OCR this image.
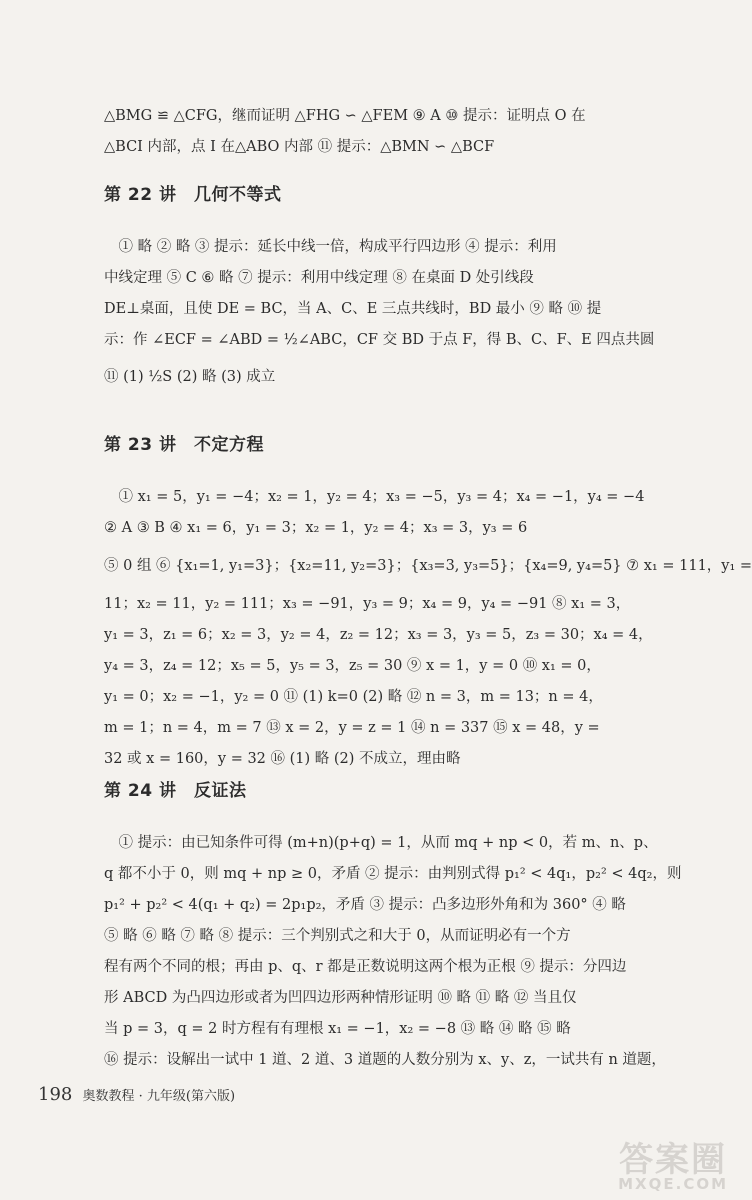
△BMG ≌ △CFG，继而证明 △FHG ∽ △FEM ⑨ A ⑩ 提示：证明点 O 在
△BCI 内部，点 I 在△ABO 内部 ⑪ 提示：△BMN ∽ △BCF
第 22 讲　几何不等式
　① 略 ② 略 ③ 提示：延长中线一倍，构成平行四边形 ④ 提示：利用
中线定理 ⑤ C ⑥ 略 ⑦ 提示：利用中线定理 ⑧ 在桌面 D 处引线段
DE⊥桌面，且使 DE = BC，当 A、C、E 三点共线时，BD 最小 ⑨ 略 ⑩ 提
示：作 ∠ECF = ∠ABD = ½∠ABC，CF 交 BD 于点 F，得 B、C、F、E 四点共圆
⑪ (1) ½S (2) 略 (3) 成立
第 23 讲　不定方程
　① x₁ = 5，y₁ = −4；x₂ = 1，y₂ = 4；x₃ = −5，y₃ = 4；x₄ = −1，y₄ = −4
② A ③ B ④ x₁ = 6，y₁ = 3；x₂ = 1，y₂ = 4；x₃ = 3，y₃ = 6
⑤ 0 组 ⑥ {x₁=1, y₁=3}；{x₂=11, y₂=3}；{x₃=3, y₃=5}；{x₄=9, y₄=5} ⑦ x₁ = 111，y₁ =
11；x₂ = 11，y₂ = 111；x₃ = −91，y₃ = 9；x₄ = 9，y₄ = −91 ⑧ x₁ = 3，
y₁ = 3，z₁ = 6；x₂ = 3，y₂ = 4，z₂ = 12；x₃ = 3，y₃ = 5，z₃ = 30；x₄ = 4，
y₄ = 3，z₄ = 12；x₅ = 5，y₅ = 3，z₅ = 30 ⑨ x = 1，y = 0 ⑩ x₁ = 0，
y₁ = 0；x₂ = −1，y₂ = 0 ⑪ (1) k=0 (2) 略 ⑫ n = 3，m = 13；n = 4，
m = 1；n = 4，m = 7 ⑬ x = 2，y = z = 1 ⑭ n = 337 ⑮ x = 48，y =
32 或 x = 160，y = 32 ⑯ (1) 略 (2) 不成立，理由略
第 24 讲　反证法
　① 提示：由已知条件可得 (m+n)(p+q) = 1，从而 mq + np < 0，若 m、n、p、
q 都不小于 0，则 mq + np ≥ 0，矛盾 ② 提示：由判别式得 p₁² < 4q₁，p₂² < 4q₂，则
p₁² + p₂² < 4(q₁ + q₂) = 2p₁p₂，矛盾 ③ 提示：凸多边形外角和为 360° ④ 略
⑤ 略 ⑥ 略 ⑦ 略 ⑧ 提示：三个判别式之和大于 0，从而证明必有一个方
程有两个不同的根；再由 p、q、r 都是正数说明这两个根为正根 ⑨ 提示：分四边
形 ABCD 为凸四边形或者为凹四边形两种情形证明 ⑩ 略 ⑪ 略 ⑫ 当且仅
当 p = 3，q = 2 时方程有有理根 x₁ = −1，x₂ = −8 ⑬ 略 ⑭ 略 ⑮ 略
⑯ 提示：设解出一试中 1 道、2 道、3 道题的人数分别为 x、y、z，一试共有 n 道题，
198 奥数教程 · 九年级(第六版)
答案圈
MXQE.COM
